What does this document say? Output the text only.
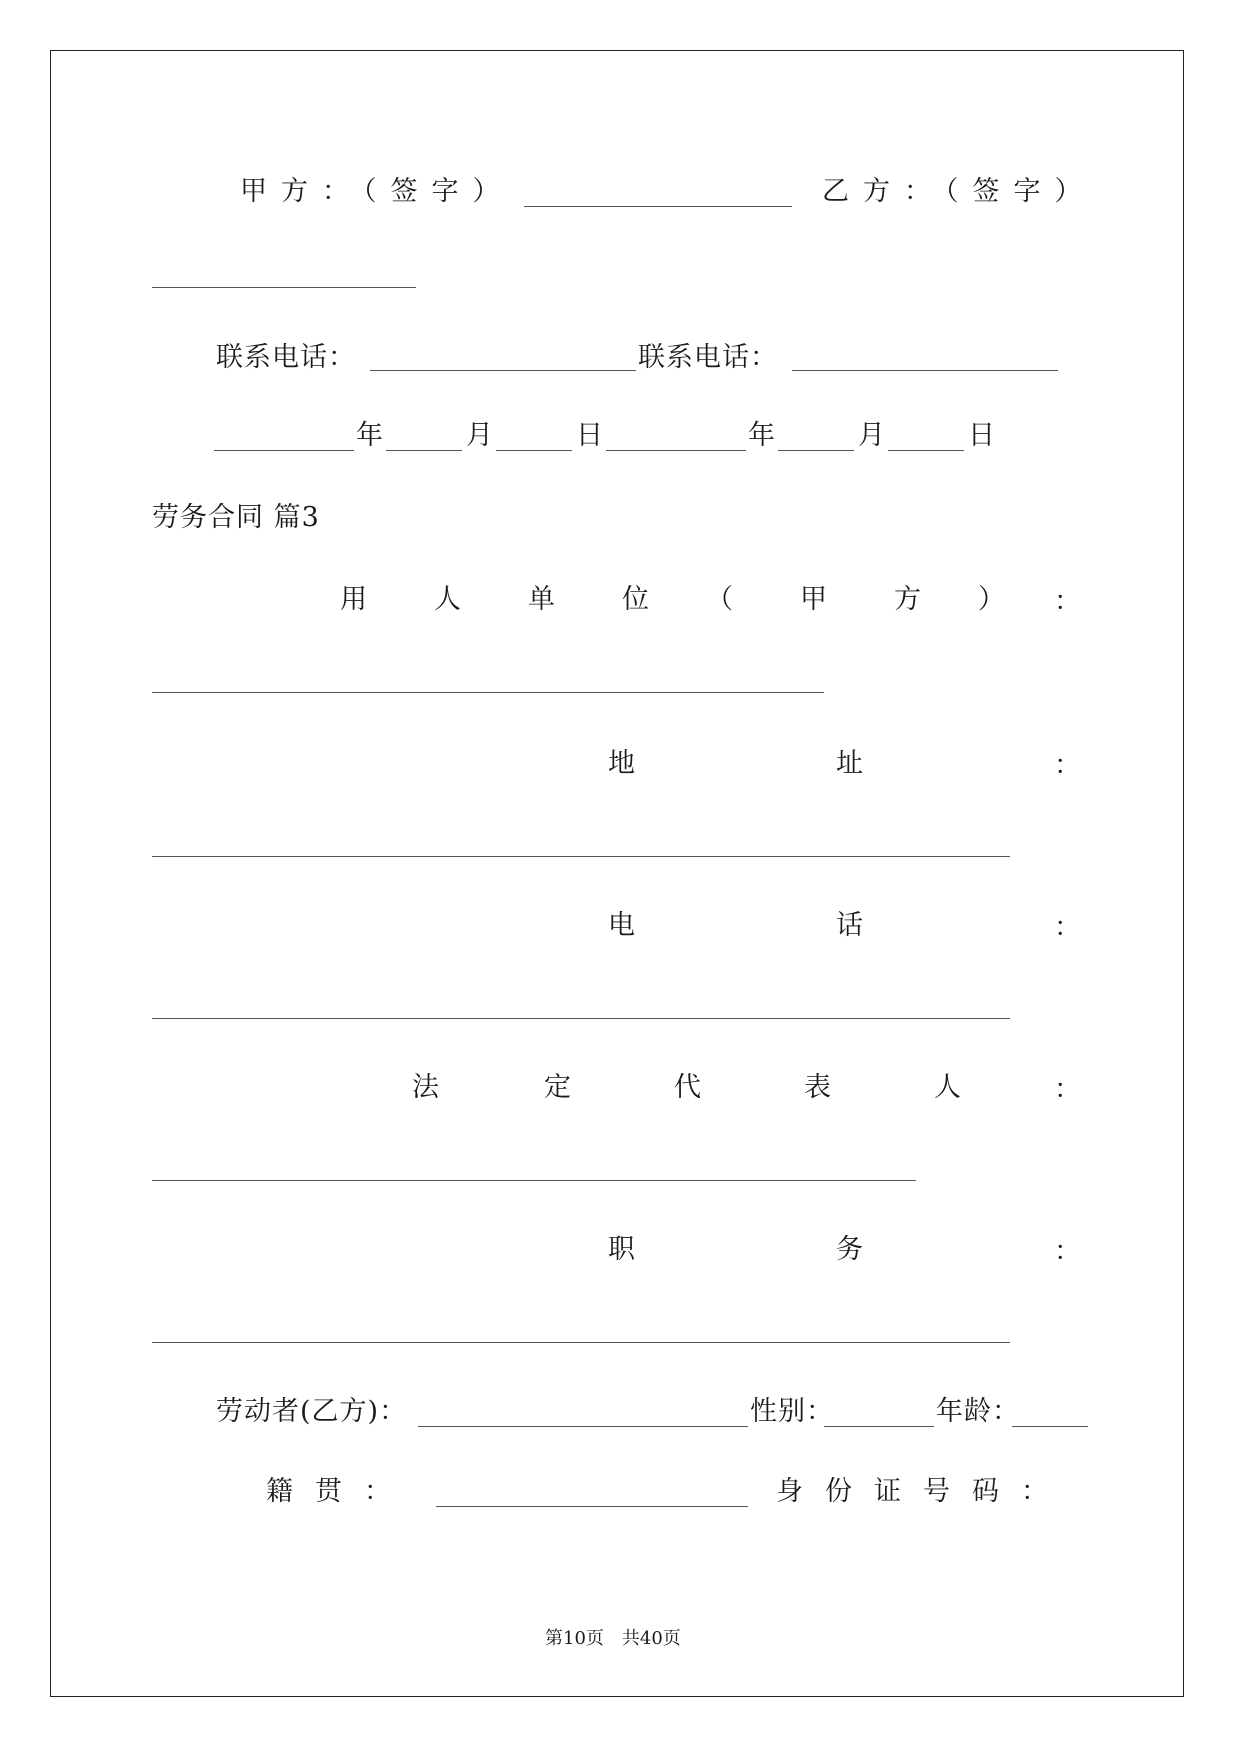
甲方：（签字）	乙方：（签字）
联系电话：	联系电话：
年	月	日	年	月	日
劳务合同 篇3
用 人 单 位 （ 甲 方 ） ：
地	址	：
电	话	：
法	定	代	表	人	：
职	务	：
劳动者(乙方)：	性别：	年龄：
籍贯：	身份证号码：
第10页　共40页
